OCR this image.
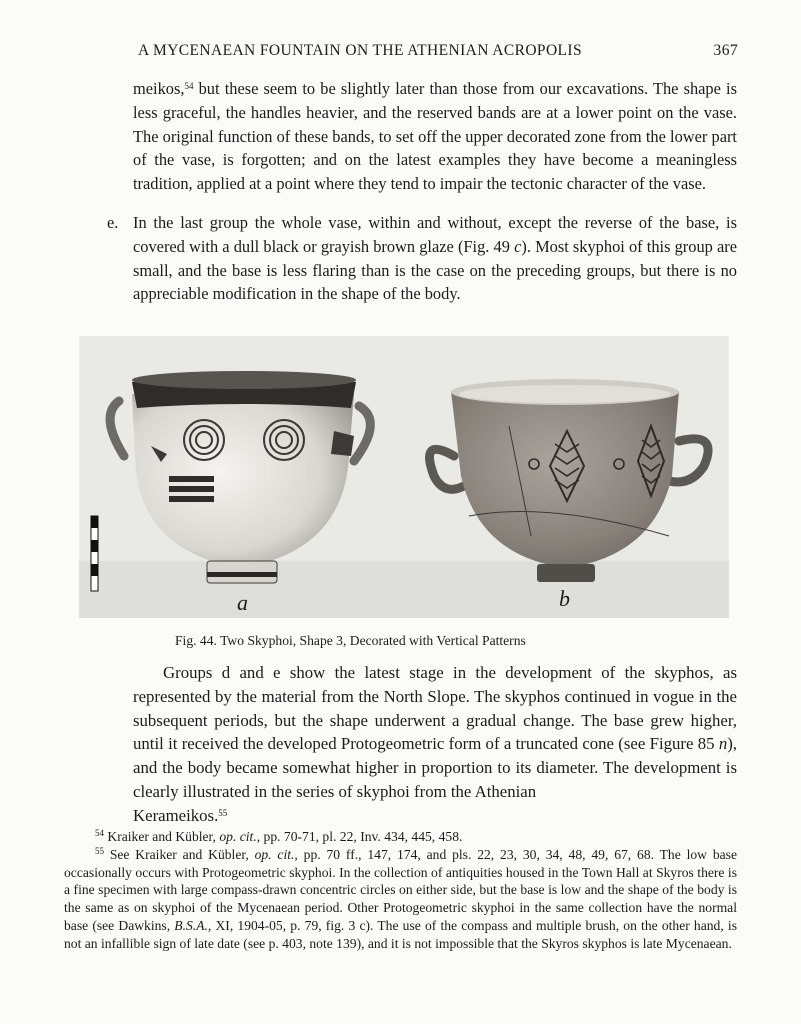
A MYCENAEAN FOUNTAIN ON THE ATHENIAN ACROPOLIS	367

meikos,$^{54}$ but these seem to be slightly later than those from our excavations. The shape is less graceful, the handles heavier, and the reserved bands are at a lower point on the vase. The original function of these bands, to set off the upper decorated zone from the lower part of the vase, is forgotten; and on the latest examples they have become a meaningless tradition, applied at a point where they tend to impair the tectonic character of the vase.

e. In the last group the whole vase, within and without, except the reverse of the base, is covered with a dull black or grayish brown glaze (Fig. 49 c). Most skyphoi of this group are small, and the base is less flaring than is the case on the preceding groups, but there is no appreciable modification in the shape of the body.
a	b
Fig. 44. Two Skyphoi, Shape 3, Decorated with Vertical Patterns

Groups d and e show the latest stage in the development of the skyphos, as represented by the material from the North Slope. The skyphos continued in vogue in the subsequent periods, but the shape underwent a gradual change. The base grew higher, until it received the developed Protogeometric form of a truncated cone (see Figure 85 n), and the body became somewhat higher in proportion to its diameter. The development is clearly illustrated in the series of skyphoi from the Athenian
Kerameikos.$^{55}$

$^{54}$ Kraiker and Kübler, op. cit., pp. 70-71, pl. 22, Inv. 434, 445, 458.

$^{55}$ See Kraiker and Kübler, op. cit., pp. 70 ff., 147, 174, and pls. 22, 23, 30, 34, 48, 49, 67, 68. The low base occasionally occurs with Protogeometric skyphoi. In the collection of antiquities housed in the Town Hall at Skyros there is a fine specimen with large compass-drawn concentric circles on either side, but the base is low and the shape of the body is the same as on skyphoi of the Mycenaean period. Other Protogeometric skyphoi in the same collection have the normal base (see Dawkins, B.S.A., XI, 1904-05, p. 79, fig. 3 c). The use of the compass and multiple brush, on the other hand, is not an infallible sign of late date (see p. 403, note 139), and it is not impossible that the Skyros skyphos is late Mycenaean.
